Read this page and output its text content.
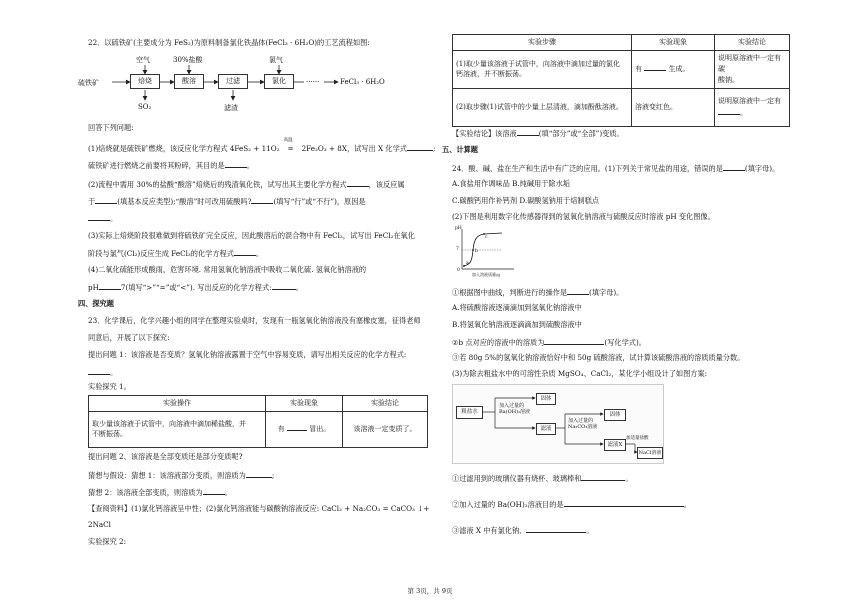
22．以硫铁矿(主要成分为 FeS₂)为原料制备氯化铁晶体(FeCl₃ · 6H₂O)的工艺流程如图:
硫铁矿
空气
焙烧
30%盐酸
酸溶	过滤
氯气
氯化	······	FeCl₃ · 6H₂O
SO₂	滤渣
回答下列问题:
(1)焙烧就是硫铁矿燃烧，该反应化学方程式 4FeS₂ + 11O₂
高温
═ 2Fe₂O₃ + 8X，试写出 X 化学式	;
硫铁矿进行燃烧之前要将其粉碎，其目的是	。
(2)流程中需用 30%的盐酸“酸溶”焙烧后的残渣氧化铁，试写出其主要化学方程式	，该反应属
于	(填基本反应类型);“酸溶”时可改用硫酸吗?	(填写“行”或“不行”)，原因是
。
(3)实际上焙烧阶段很难做到将硫铁矿完全反应，因此酸溶后的混合物中有 FeCl₂，试写出 FeCl₂在氧化
阶段与氯气(Cl₂)反应生成 FeCl₃的化学方程式	。
(4)二氧化硫能形成酸雨，危害环境. 常用氢氧化钠溶液中吸收二氧化硫. 氢氧化钠溶液的
pH	7(填写“>”“=”或“<”). 写出反应的化学方程式:	。
四、探究题
23．化学课后，化学兴趣小组的同学在整理实验桌时，发现有一瓶氢氧化钠溶液没有塞橡皮塞，征得老师
同意后，开展了以下探究:
提出问题 1：该溶液是否变质？氢氧化钠溶液露置于空气中容易变质，请写出相关反应的化学方程式:
。
实验探究 1。
实验操作	实验现象	实验结论
取少量该溶液于试管中，向溶液中滴加稀盐酸，并
不断振荡。	有 冒出。	该溶液一定变质了。
提出问题 2、该溶液是全部变质还是部分变质呢?
猜想与假设：猜想 1：该溶液部分变质，则溶质为	;
猜想 2：该溶液全部变质，则溶质为	。
【查阅资料】(1)氯化钙溶液呈中性；(2)氯化钙溶液能与碳酸钠溶液反应: CaCl₂ + Na₂CO₃ = CaCO₃ ↓+
2NaCl
实验探究 2:
实验步骤	实验现象	实验结论
(1)取少量该溶液于试管中，向溶液中滴加过量的氯化
钙溶液，并不断振荡。	有 生成。	说明原溶液中一定有碳
酸钠。
(2)取步骤(1)试管中的少量上层清液，滴加酚酞溶液。	溶液变红色。	说明原溶液中一定有
。
【实验结论】该溶液	(填“部分”或“全部”)变质。
五、计算题
24．酸、碱、盐在生产和生活中有广泛的应用。(1)下列关于常见盐的用途，错误的是	(填字母)。
A.食盐用作调味品 B.纯碱用于除水垢
C.碳酸钙用作补钙剂 D.碳酸氢钠用于焙制糕点
(2)下图是利用数字化传感器得到的氢氧化钠溶液与硫酸反应时溶液 pH 变化图像。
pH
7
0
a
b
c
加入溶液质量/g
①根据图中曲线，判断进行的操作是	(填字母)。
A.将硫酸溶液逐滴滴加到氢氧化钠溶液中
B.将氢氧化钠溶液逐滴滴加到硫酸溶液中
②b 点对应的溶液中的溶质为	(写化学式)。
③若 80g 5%的氢氧化钠溶液恰好中和 50g 硫酸溶液，试计算该硫酸溶液的溶质质量分数。
(3)为除去粗盐水中的可溶性杂质 MgSO₄、CaCl₂，某化学小组设计了如图方案:
粗盐水
加入过量的
Ba(OH)₂溶液
固体
滤液
加入过量的
Na₂CO₃溶液
固体
滤液X
加适量盐酸
NaCl溶液
①过滤用到的玻璃仪器有烧杯、玻璃棒和	。
②加入过量的 Ba(OH)₂溶液目的是	。
③滤液 X 中有氯化钠、	。
第 3页，共 9页
